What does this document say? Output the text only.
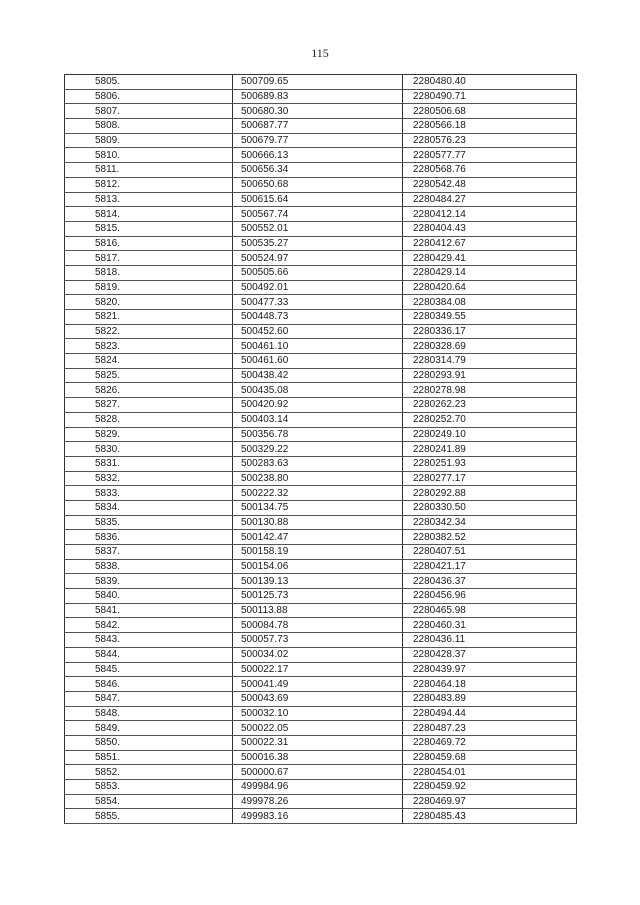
115
5805.	500709.65	2280480.40
5806.	500689.83	2280490.71
5807.	500680.30	2280506.68
5808.	500687.77	2280566.18
5809.	500679.77	2280576.23
5810.	500666.13	2280577.77
5811.	500656.34	2280568.76
5812.	500650.68	2280542.48
5813.	500615.64	2280484.27
5814.	500567.74	2280412.14
5815.	500552.01	2280404.43
5816.	500535.27	2280412.67
5817.	500524.97	2280429.41
5818.	500505.66	2280429.14
5819.	500492.01	2280420.64
5820.	500477.33	2280384.08
5821.	500448.73	2280349.55
5822.	500452.60	2280336.17
5823.	500461.10	2280328.69
5824.	500461.60	2280314.79
5825.	500438.42	2280293.91
5826.	500435.08	2280278.98
5827.	500420.92	2280262.23
5828.	500403.14	2280252.70
5829.	500356.78	2280249.10
5830.	500329.22	2280241.89
5831.	500283.63	2280251.93
5832.	500238.80	2280277.17
5833.	500222.32	2280292.88
5834.	500134.75	2280330.50
5835.	500130.88	2280342.34
5836.	500142.47	2280382.52
5837.	500158.19	2280407.51
5838.	500154.06	2280421.17
5839.	500139.13	2280436.37
5840.	500125.73	2280456.96
5841.	500113.88	2280465.98
5842.	500084.78	2280460.31
5843.	500057.73	2280436.11
5844.	500034.02	2280428.37
5845.	500022.17	2280439.97
5846.	500041.49	2280464.18
5847.	500043.69	2280483.89
5848.	500032.10	2280494.44
5849.	500022.05	2280487.23
5850.	500022.31	2280469.72
5851.	500016.38	2280459.68
5852.	500000.67	2280454.01
5853.	499984.96	2280459.92
5854.	499978.26	2280469.97
5855.	499983.16	2280485.43
